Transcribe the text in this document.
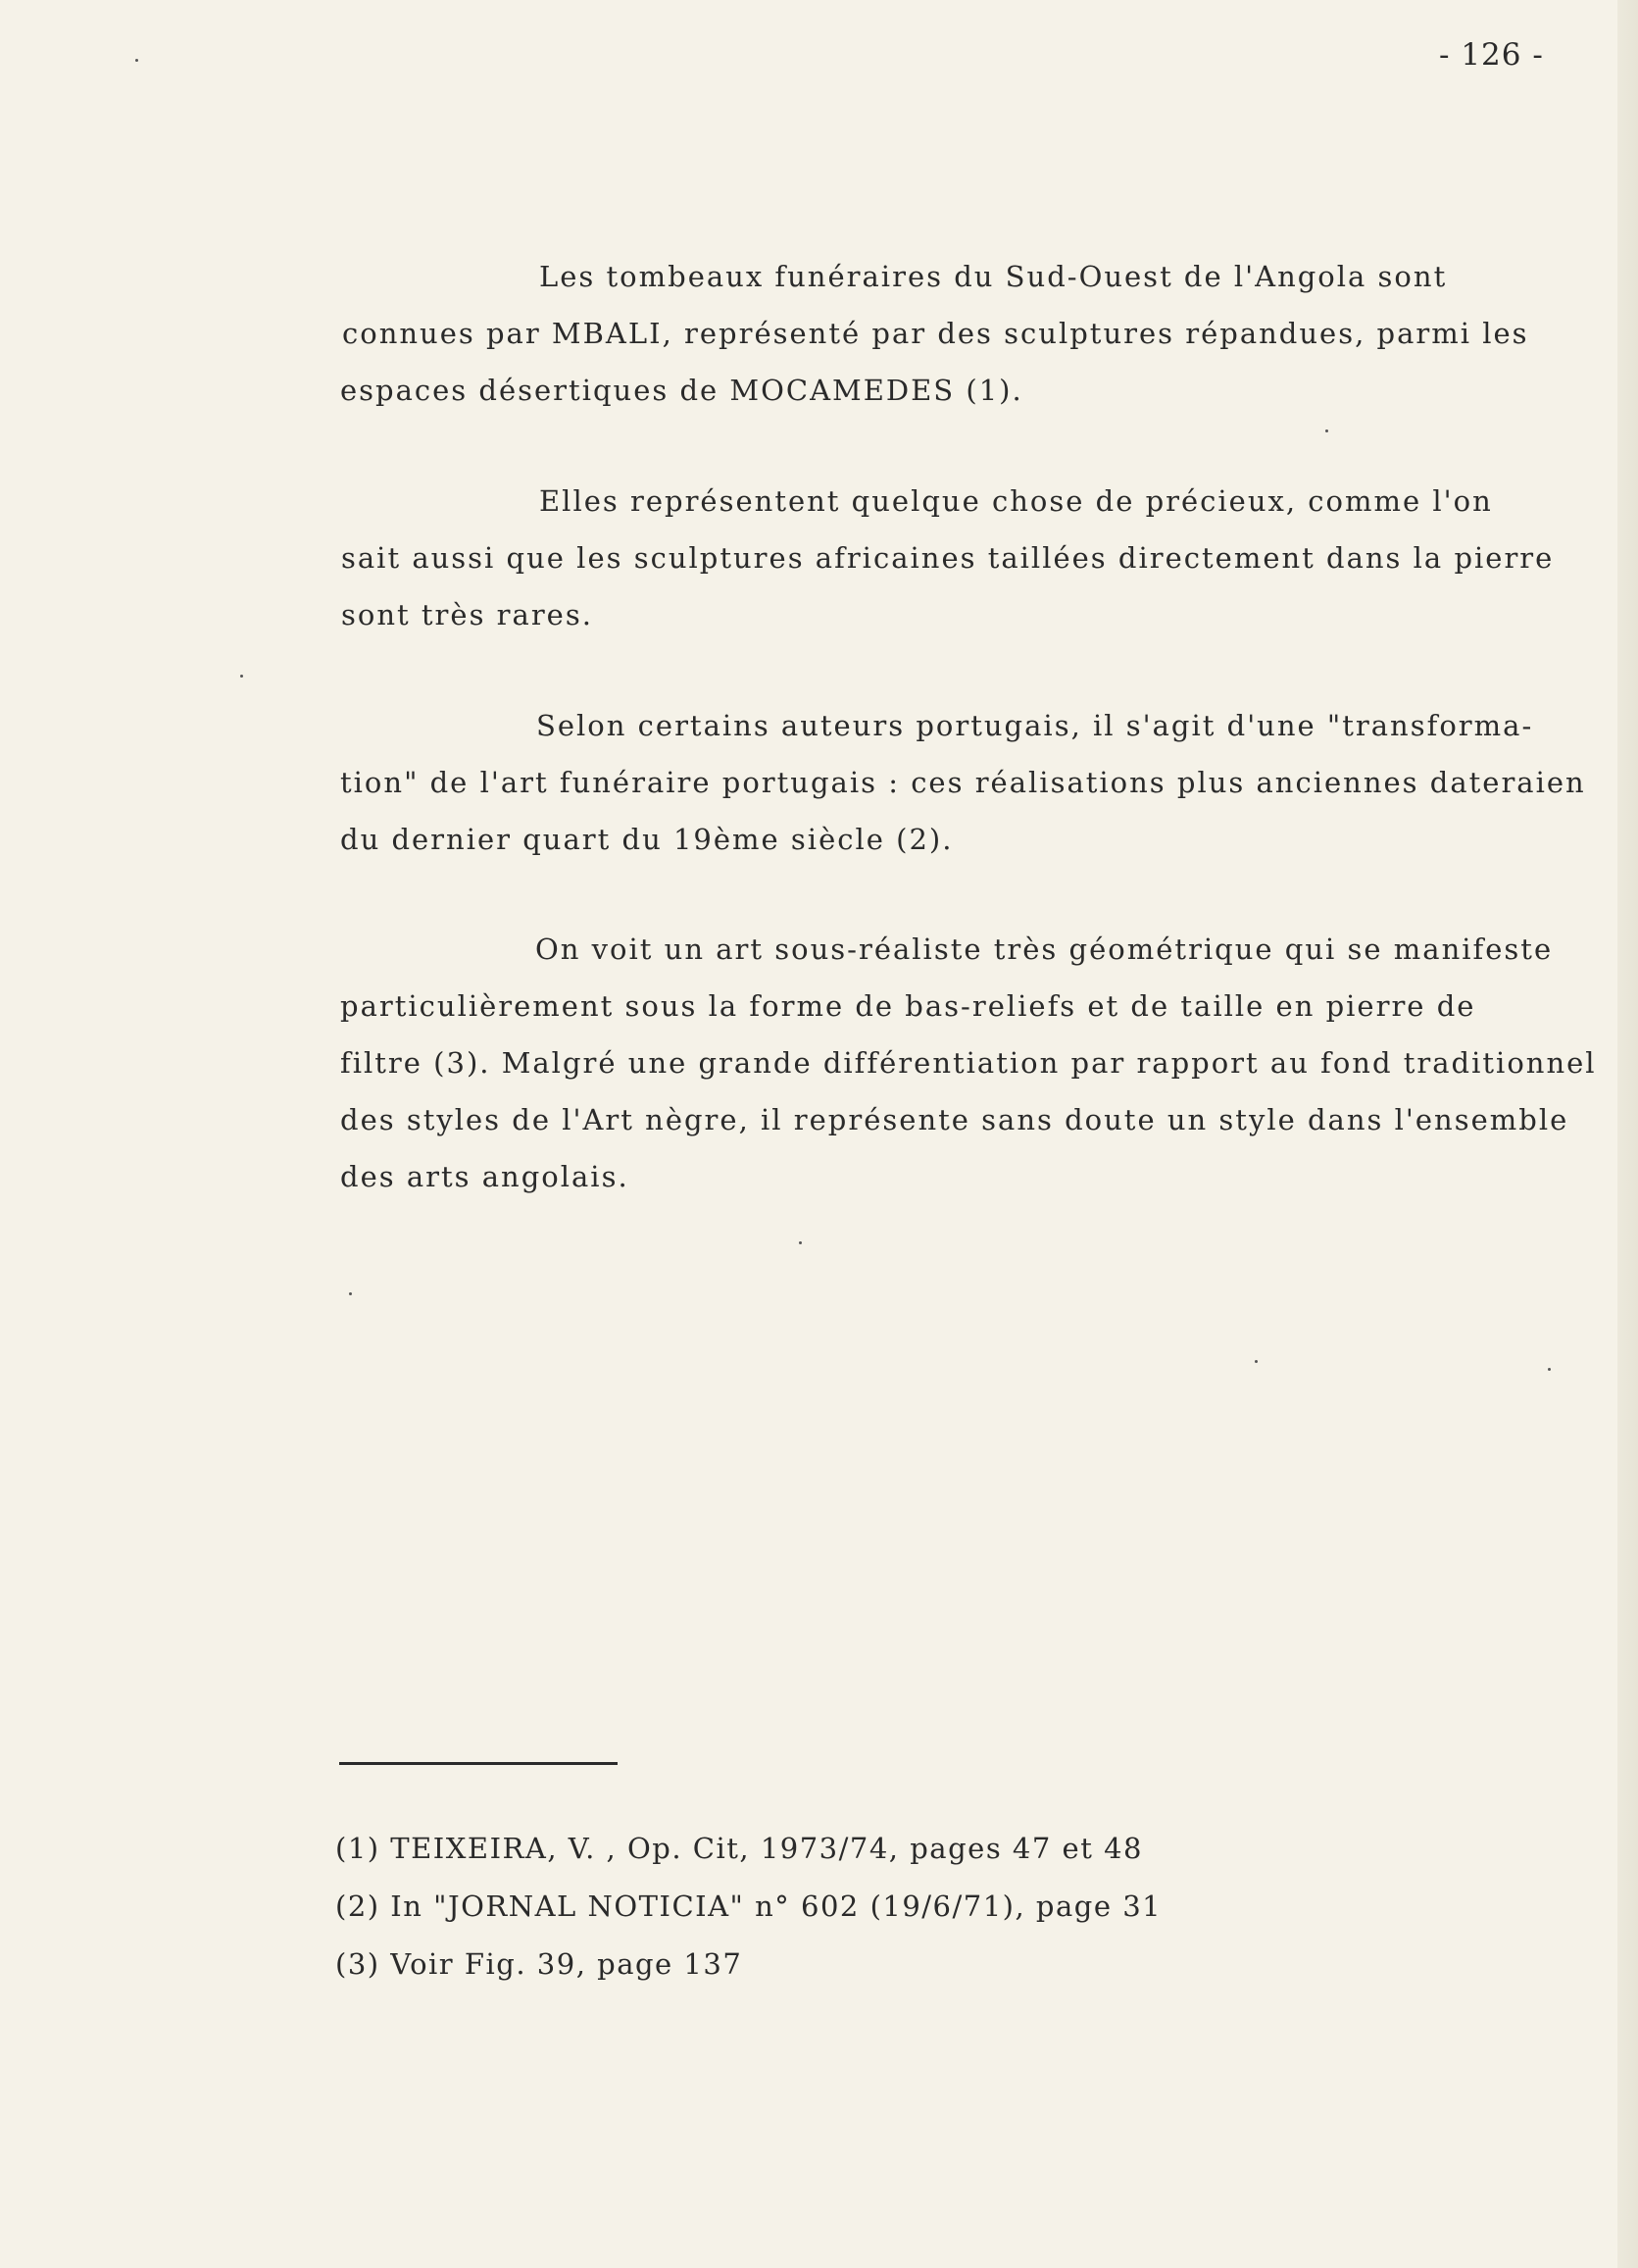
- 126 -
Les tombeaux funéraires du Sud-Ouest de l'Angola sont
connues par MBALI, représenté par des sculptures répandues, parmi les
espaces désertiques de MOCAMEDES (1).
Elles représentent quelque chose de précieux, comme l'on
sait aussi que les sculptures africaines taillées directement dans la pierre
sont très rares.
Selon certains auteurs portugais, il s'agit d'une "transforma-
tion" de l'art funéraire portugais : ces réalisations plus anciennes dateraien
du dernier quart du 19ème siècle (2).
On voit un art sous-réaliste très géométrique qui se manifeste
particulièrement sous la forme de bas-reliefs et de taille en pierre de
filtre (3). Malgré une grande différentiation par rapport au fond traditionnel
des styles de l'Art nègre, il représente sans doute un style dans l'ensemble
des arts angolais.
(1) TEIXEIRA, V. , Op. Cit, 1973/74, pages 47 et 48
(2) In "JORNAL NOTICIA" n° 602 (19/6/71), page 31
(3) Voir Fig. 39, page 137
